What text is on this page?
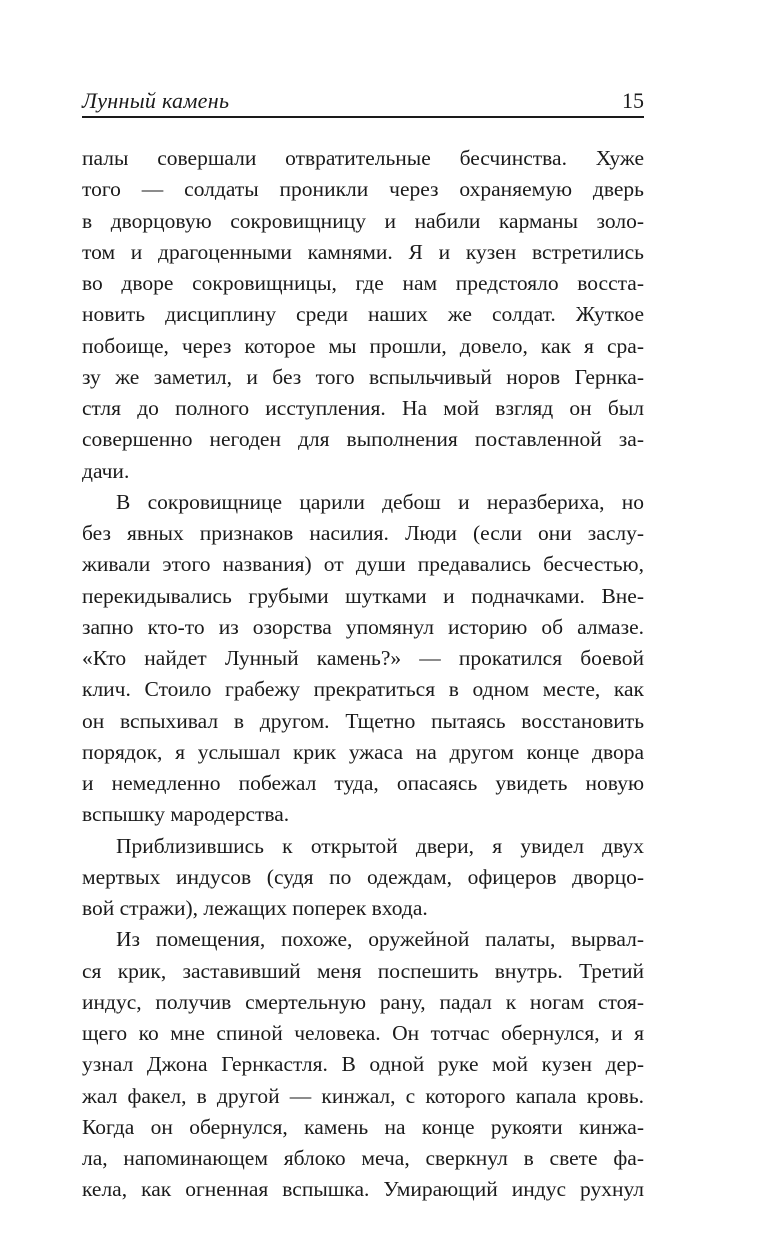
Лунный камень	15
палы совершали отвратительные бесчинства. Хуже
того — солдаты проникли через охраняемую дверь
в дворцовую сокровищницу и набили карманы золо-
том и драгоценными камнями. Я и кузен встретились
во дворе сокровищницы, где нам предстояло восста-
новить дисциплину среди наших же солдат. Жуткое
побоище, через которое мы прошли, довело, как я сра-
зу же заметил, и без того вспыльчивый норов Гернка-
стля до полного исступления. На мой взгляд он был
совершенно негоден для выполнения поставленной за-
дачи.
В сокровищнице царили дебош и неразбериха, но
без явных признаков насилия. Люди (если они заслу-
живали этого названия) от души предавались бесчестью,
перекидывались грубыми шутками и подначками. Вне-
запно кто-то из озорства упомянул историю об алмазе.
«Кто найдет Лунный камень?» — прокатился боевой
клич. Стоило грабежу прекратиться в одном месте, как
он вспыхивал в другом. Тщетно пытаясь восстановить
порядок, я услышал крик ужаса на другом конце двора
и немедленно побежал туда, опасаясь увидеть новую
вспышку мародерства.
Приблизившись к открытой двери, я увидел двух
мертвых индусов (судя по одеждам, офицеров дворцо-
вой стражи), лежащих поперек входа.
Из помещения, похоже, оружейной палаты, вырвал-
ся крик, заставивший меня поспешить внутрь. Третий
индус, получив смертельную рану, падал к ногам стоя-
щего ко мне спиной человека. Он тотчас обернулся, и я
узнал Джона Гернкастля. В одной руке мой кузен дер-
жал факел, в другой — кинжал, с которого капала кровь.
Когда он обернулся, камень на конце рукояти кинжа-
ла, напоминающем яблоко меча, сверкнул в свете фа-
кела, как огненная вспышка. Умирающий индус рухнул
